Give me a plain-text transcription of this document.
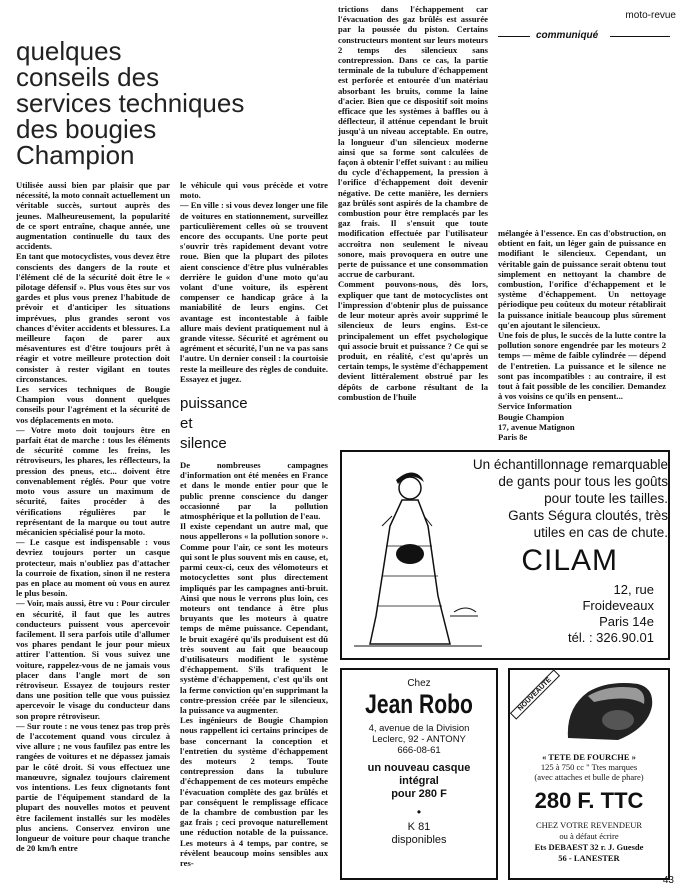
moto-revue
quelques
conseils des
services techniques
des bougies
Champion

Utilisée aussi bien par plaisir que par nécessité, la moto connaît actuellement un véritable succès, surtout auprès des jeunes. Malheureusement, la popularité de ce sport entraîne, chaque année, une augmentation continuelle du taux des accidents.

En tant que motocyclistes, vous devez être conscients des dangers de la route et l'élément clé de la sécurité doit être le « pilotage défensif ». Plus vous êtes sur vos gardes et plus vous prenez l'habitude de prévoir et d'anticiper les situations imprévues, plus grandes seront vos chances d'éviter accidents et blessures. La meilleure façon de parer aux mésaventures est d'être toujours prêt à réagir et votre meilleure protection doit consister à rester vigilant en toutes circonstances.

Les services techniques de Bougie Champion vous donnent quelques conseils pour l'agrément et la sécurité de vos déplacements en moto.

— Votre moto doit toujours être en parfait état de marche : tous les éléments de sécurité comme les freins, les rétroviseurs, les phares, les réflecteurs, la pression des pneus, etc... doivent être convenablement réglés. Pour que votre moto vous assure un maximum de sécurité, faites procéder à des vérifications régulières par le représentant de la marque ou tout autre mécanicien spécialisé pour la moto.

— Le casque est indispensable : vous devriez toujours porter un casque protecteur, mais n'oubliez pas d'attacher la courroie de fixation, sinon il ne restera pas en place au moment où vous en aurez le plus besoin.

— Voir, mais aussi, être vu : Pour circuler en sécurité, il faut que les autres conducteurs puissent vous apercevoir facilement. Il sera parfois utile d'allumer vos phares pendant le jour pour mieux attirer l'attention. Si vous suivez une voiture, rappelez-vous de ne jamais vous placer dans l'angle mort de son rétroviseur. Essayez de toujours rester dans une position telle que vous puissiez apercevoir le visage du conducteur dans son propre rétroviseur.

— Sur route : ne vous tenez pas trop près de l'accotement quand vous circulez à vive allure ; ne vous faufilez pas entre les rangées de voitures et ne dépassez jamais par le côté droit. Si vous effectuez une manœuvre, signalez toujours clairement vos intentions. Les feux clignotants font partie de l'équipement standard de la plupart des nouvelles motos et peuvent être facilement installés sur les modèles plus anciens. Conservez environ une longueur de voiture pour chaque tranche de 20 km/h entre

le véhicule qui vous précède et votre moto.

— En ville : si vous devez longer une file de voitures en stationnement, surveillez particulièrement celles où se trouvent encore des occupants. Une porte peut s'ouvrir très rapidement devant votre roue. Bien que la plupart des pilotes aient conscience d'être plus vulnérables derrière le guidon d'une moto qu'au volant d'une voiture, ils espèrent compenser ce handicap grâce à la maniabilité de leurs engins. Cet avantage est incontestable à faible allure mais devient pratiquement nul à grande vitesse. Sécurité et agrément ou agrément et sécurité, l'un ne va pas sans l'autre. Un dernier conseil : la courtoisie reste la meilleure des règles de conduite. Essayez et jugez.

puissance
et
silence

De nombreuses campagnes d'information ont été menées en France et dans le monde entier pour que le public prenne conscience du danger occasionné par la pollution atmosphérique et la pollution de l'eau.

Il existe cependant un autre mal, que nous appellerons « la pollution sonore ». Comme pour l'air, ce sont les moteurs qui sont le plus souvent mis en cause, et, parmi ceux-ci, ceux des vélomoteurs et motocyclettes sont plus directement impliqués par les campagnes anti-bruit. Ainsi que nous le verrons plus loin, ces moteurs ont tendance à être plus bruyants que les moteurs à quatre temps de même puissance. Cependant, le bruit exagéré qu'ils produisent est dû très souvent au fait que beaucoup d'utilisateurs modifient le système d'échappement. S'ils trafiquent le système d'échappement, c'est qu'ils ont la ferme conviction qu'en supprimant la contre-pression créée par le silencieux, la puissance va augmenter.

Les ingénieurs de Bougie Champion nous rappellent ici certains principes de base concernant la conception et l'entretien du système d'échappement des moteurs 2 temps. Toute contrepression dans la tubulure d'échappement de ces moteurs empêche l'évacuation complète des gaz brûlés et par conséquent le remplissage efficace de la chambre de combustion par les gaz frais ; ceci provoque naturellement une réduction notable de la puissance. Les moteurs à 4 temps, par contre, se révèlent beaucoup moins sensibles aux res-

trictions dans l'échappement car l'évacuation des gaz brûlés est assurée par la poussée du piston. Certains constructeurs montent sur leurs moteurs 2 temps des silencieux sans contrepression. Dans ce cas, la partie terminale de la tubulure d'échappement est perforée et entourée d'un matériau absorbant les bruits, comme la laine d'acier. Bien que ce dispositif soit moins efficace que les systèmes à baffles ou à déflecteur, il atténue cependant le bruit jusqu'à un niveau acceptable. En outre, la longueur d'un silencieux moderne ainsi que sa forme sont calculées de façon à obtenir l'effet suivant : au milieu du cycle d'échappement, la pression à l'orifice d'échappement doit devenir négative. De cette manière, les derniers gaz brûlés sont aspirés de la chambre de combustion pour être remplacés par les gaz frais. Il s'ensuit que toute modification effectuée par l'utilisateur accroîtra non seulement le niveau sonore, mais provoquera en outre une perte de puissance et une consommation accrue de carburant.

Comment pouvons-nous, dès lors, expliquer que tant de motocyclistes ont l'impression d'obtenir plus de puissance de leur moteur après avoir supprimé le silencieux de leurs engins. Est-ce principalement un effet psychologique qui associe bruit et puissance ? Ce qui se produit, en réalité, c'est qu'après un certain temps, le système d'échappement devient littéralement obstrué par les dépôts de carbone résultant de la combustion de l'huile

communiqué

mélangée à l'essence. En cas d'obstruction, on obtient en fait, un léger gain de puissance en modifiant le silencieux. Cependant, un véritable gain de puissance serait obtenu tout simplement en nettoyant la chambre de combustion, l'orifice d'échappement et le système d'échappement. Un nettoyage périodique peu coûteux du moteur rétablirait la puissance initiale beaucoup plus sûrement qu'en ajoutant le silencieux.

Une fois de plus, le succès de la lutte contre la pollution sonore engendrée par les moteurs 2 temps — même de faible cylindrée — dépend de l'entretien. La puissance et le silence ne sont pas incompatibles : au contraire, il est tout à fait possible de les concilier. Demandez à vos voisins ce qu'ils en pensent...

Service Information
Bougie Champion
17, avenue Matignon
Paris 8e
Un échantillonnage remarquable
de gants pour tous les goûts
pour toute les tailles.
Gants Ségura cloutés, très
utiles en cas de chute.
CILAM
12, rue
Froideveaux
Paris 14e
tél. : 326.90.01
Chez
Jean Robo
4, avenue de la Division
Leclerc, 92 - ANTONY
666-08-61
un nouveau casque
intégral
pour 280 F
•
K 81
disponibles
NOUVEAUTÉ
« TETE DE FOURCHE »
125 à 750 cc " Ttes marques
(avec attaches et bulle de phare)
280 F. TTC
CHEZ VOTRE REVENDEUR
ou à défaut écrire
Ets DEBAEST 32 r. J. Guesde
56 - LANESTER
43
